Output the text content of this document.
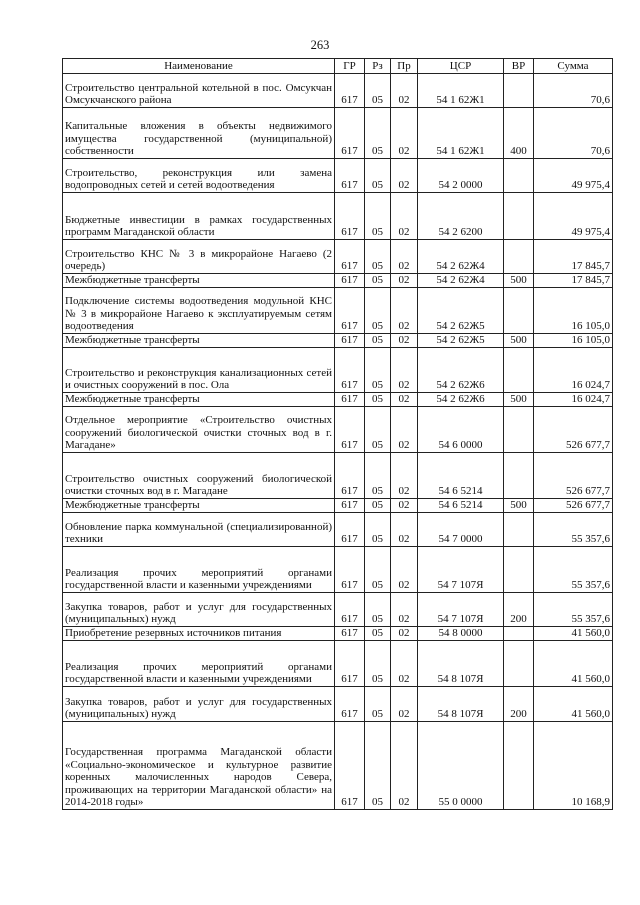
263
Наименование	ГР	Рз	Пр	ЦСР	ВР	Сумма
Строительство центральной котельной в пос. Омсукчан Омсукчанского района	617	05	02	54 1 62Ж1		70,6
Капитальные вложения в объекты недвижимого имущества государственной (муниципальной) собственности	617	05	02	54 1 62Ж1	400	70,6
Строительство, реконструкция или замена водопроводных сетей и сетей водоотведения	617	05	02	54 2 0000		49 975,4
Бюджетные инвестиции в рамках государственных программ Магаданской области	617	05	02	54 2 6200		49 975,4
Строительство КНС № 3 в микрорайоне Нагаево (2 очередь)	617	05	02	54 2 62Ж4		17 845,7
Межбюджетные трансферты	617	05	02	54 2 62Ж4	500	17 845,7
Подключение системы водоотведения модульной КНС № 3 в микрорайоне Нагаево к эксплуатируемым сетям водоотведения	617	05	02	54 2 62Ж5		16 105,0
Межбюджетные трансферты	617	05	02	54 2 62Ж5	500	16 105,0
Строительство и реконструкция канализационных сетей и очистных сооружений в пос. Ола	617	05	02	54 2 62Ж6		16 024,7
Межбюджетные трансферты	617	05	02	54 2 62Ж6	500	16 024,7
Отдельное мероприятие «Строительство очистных сооружений биологической очистки сточных вод в г. Магадане»	617	05	02	54 6 0000		526 677,7
Строительство очистных сооружений биологической очистки сточных вод в г. Магадане	617	05	02	54 6 5214		526 677,7
Межбюджетные трансферты	617	05	02	54 6 5214	500	526 677,7
Обновление парка коммунальной (специализированной) техники	617	05	02	54 7 0000		55 357,6
Реализация прочих мероприятий органами государственной власти и казенными учреждениями	617	05	02	54 7 107Я		55 357,6
Закупка товаров, работ и услуг для государственных (муниципальных) нужд	617	05	02	54 7 107Я	200	55 357,6
Приобретение резервных источников питания	617	05	02	54 8 0000		41 560,0
Реализация прочих мероприятий органами государственной власти и казенными учреждениями	617	05	02	54 8 107Я		41 560,0
Закупка товаров, работ и услуг для государственных (муниципальных) нужд	617	05	02	54 8 107Я	200	41 560,0
Государственная программа Магаданской области «Социально-экономическое и культурное развитие коренных малочисленных народов Севера, проживающих на территории Магаданской области» на 2014-2018 годы»	617	05	02	55 0 0000		10 168,9
